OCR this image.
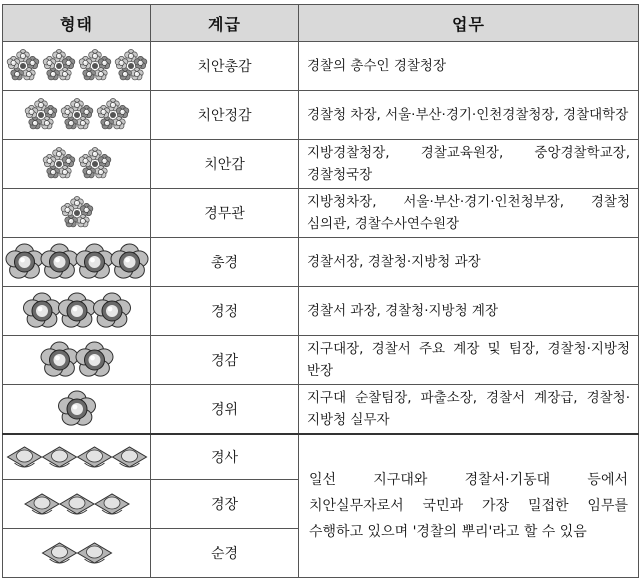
형태	계급	업무

	치안총감	경찰의 총수인 경찰청장

	치안정감	경찰청 차장, 서울·부산·경기·인천경찰청장, 경찰대학장

	치안감	지방경찰청장, 경찰교육원장, 중앙경찰학교장, 경찰청국장

	경무관	지방청차장, 서울·부산·경기·인천청부장, 경찰청 심의관, 경찰수사연수원장

	총경	경찰서장, 경찰청·지방청 과장

	경정	경찰서 과장, 경찰청·지방청 계장

	경감	지구대장, 경찰서 주요 계장 및 팀장, 경찰청·지방청 반장

	경위	지구대 순찰팀장, 파출소장, 경찰서 계장급, 경찰청·지방청 실무자

	경사	일선 지구대와 경찰서·기동대 등에서 치안실무자로서 국민과 가장 밀접한 임무를 수행하고 있으며 '경찰의 뿌리'라고 할 수 있음

	경장	

	순경	
